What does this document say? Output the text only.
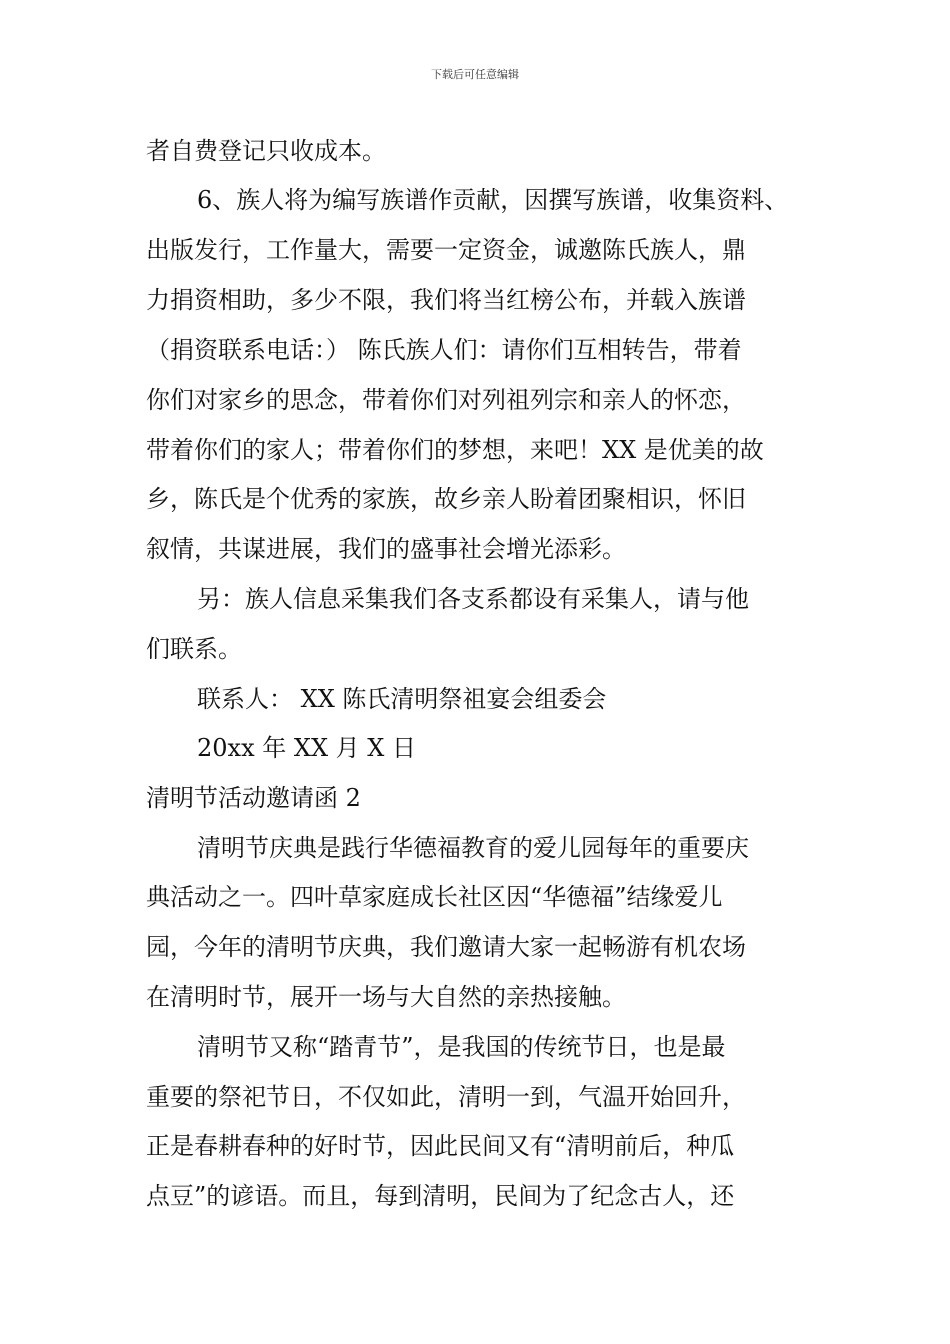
下载后可任意编辑
者自费登记只收成本。
6、族人将为编写族谱作贡献，因撰写族谱，收集资料、
出版发行，工作量大，需要一定资金，诚邀陈氏族人，鼎
力捐资相助，多少不限，我们将当红榜公布，并载入族谱
（捐资联系电话：） 陈氏族人们：请你们互相转告，带着
你们对家乡的思念，带着你们对列祖列宗和亲人的怀恋，
带着你们的家人；带着你们的梦想，来吧！XX 是优美的故
乡，陈氏是个优秀的家族，故乡亲人盼着团聚相识，怀旧
叙情，共谋进展，我们的盛事社会增光添彩。
另：族人信息采集我们各支系都设有采集人，请与他
们联系。
联系人： XX 陈氏清明祭祖宴会组委会
20xx 年 XX 月 X 日
清明节活动邀请函 2
清明节庆典是践行华德福教育的爱儿园每年的重要庆
典活动之一。四叶草家庭成长社区因“华德福”结缘爱儿
园，今年的清明节庆典，我们邀请大家一起畅游有机农场
在清明时节，展开一场与大自然的亲热接触。
清明节又称“踏青节”，是我国的传统节日，也是最
重要的祭祀节日，不仅如此，清明一到，气温开始回升，
正是春耕春种的好时节，因此民间又有“清明前后，种瓜
点豆”的谚语。而且，每到清明，民间为了纪念古人，还
